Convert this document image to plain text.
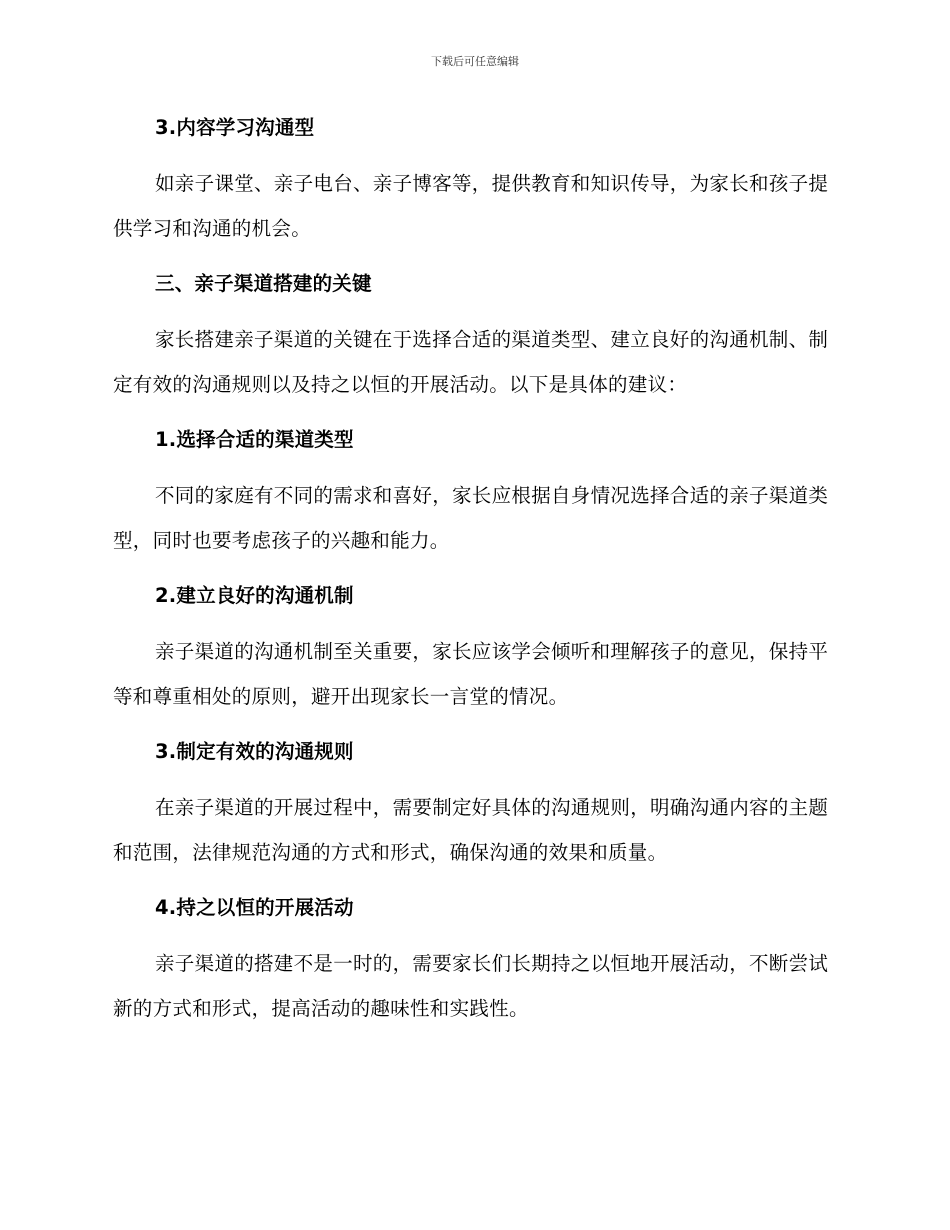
下载后可任意编辑
3.内容学习沟通型

如亲子课堂、亲子电台、亲子博客等，提供教育和知识传导，为家长和孩子提供学习和沟通的机会。

三、亲子渠道搭建的关键

家长搭建亲子渠道的关键在于选择合适的渠道类型、建立良好的沟通机制、制定有效的沟通规则以及持之以恒的开展活动。以下是具体的建议：

1.选择合适的渠道类型

不同的家庭有不同的需求和喜好，家长应根据自身情况选择合适的亲子渠道类型，同时也要考虑孩子的兴趣和能力。

2.建立良好的沟通机制

亲子渠道的沟通机制至关重要，家长应该学会倾听和理解孩子的意见，保持平等和尊重相处的原则，避开出现家长一言堂的情况。

3.制定有效的沟通规则

在亲子渠道的开展过程中，需要制定好具体的沟通规则，明确沟通内容的主题和范围，法律规范沟通的方式和形式，确保沟通的效果和质量。

4.持之以恒的开展活动

亲子渠道的搭建不是一时的，需要家长们长期持之以恒地开展活动，不断尝试新的方式和形式，提高活动的趣味性和实践性。
